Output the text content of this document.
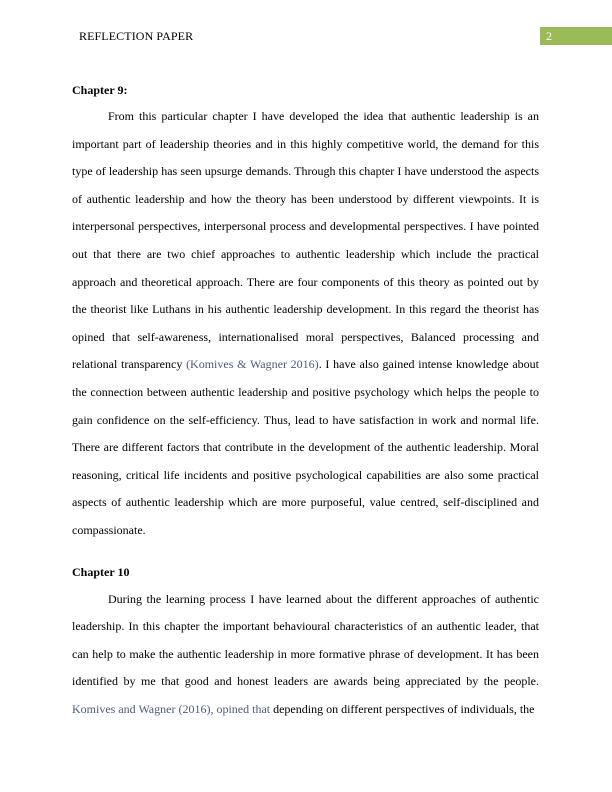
REFLECTION PAPER	2
Chapter 9:

From this particular chapter I have developed the idea that authentic leadership is an important part of leadership theories and in this highly competitive world, the demand for this type of leadership has seen upsurge demands. Through this chapter I have understood the aspects of authentic leadership and how the theory has been understood by different viewpoints. It is interpersonal perspectives, interpersonal process and developmental perspectives. I have pointed out that there are two chief approaches to authentic leadership which include the practical approach and theoretical approach. There are four components of this theory as pointed out by the theorist like Luthans in his authentic leadership development. In this regard the theorist has opined that self-awareness, internationalised moral perspectives, Balanced processing and relational transparency (Komives & Wagner 2016). I have also gained intense knowledge about the connection between authentic leadership and positive psychology which helps the people to gain confidence on the self-efficiency. Thus, lead to have satisfaction in work and normal life. There are different factors that contribute in the development of the authentic leadership. Moral reasoning, critical life incidents and positive psychological capabilities are also some practical aspects of authentic leadership which are more purposeful, value centred, self-disciplined and compassionate.

Chapter 10

During the learning process I have learned about the different approaches of authentic leadership. In this chapter the important behavioural characteristics of an authentic leader, that can help to make the authentic leadership in more formative phrase of development. It has been identified by me that good and honest leaders are awards being appreciated by the people. Komives and Wagner (2016), opined that depending on different perspectives of individuals, the
